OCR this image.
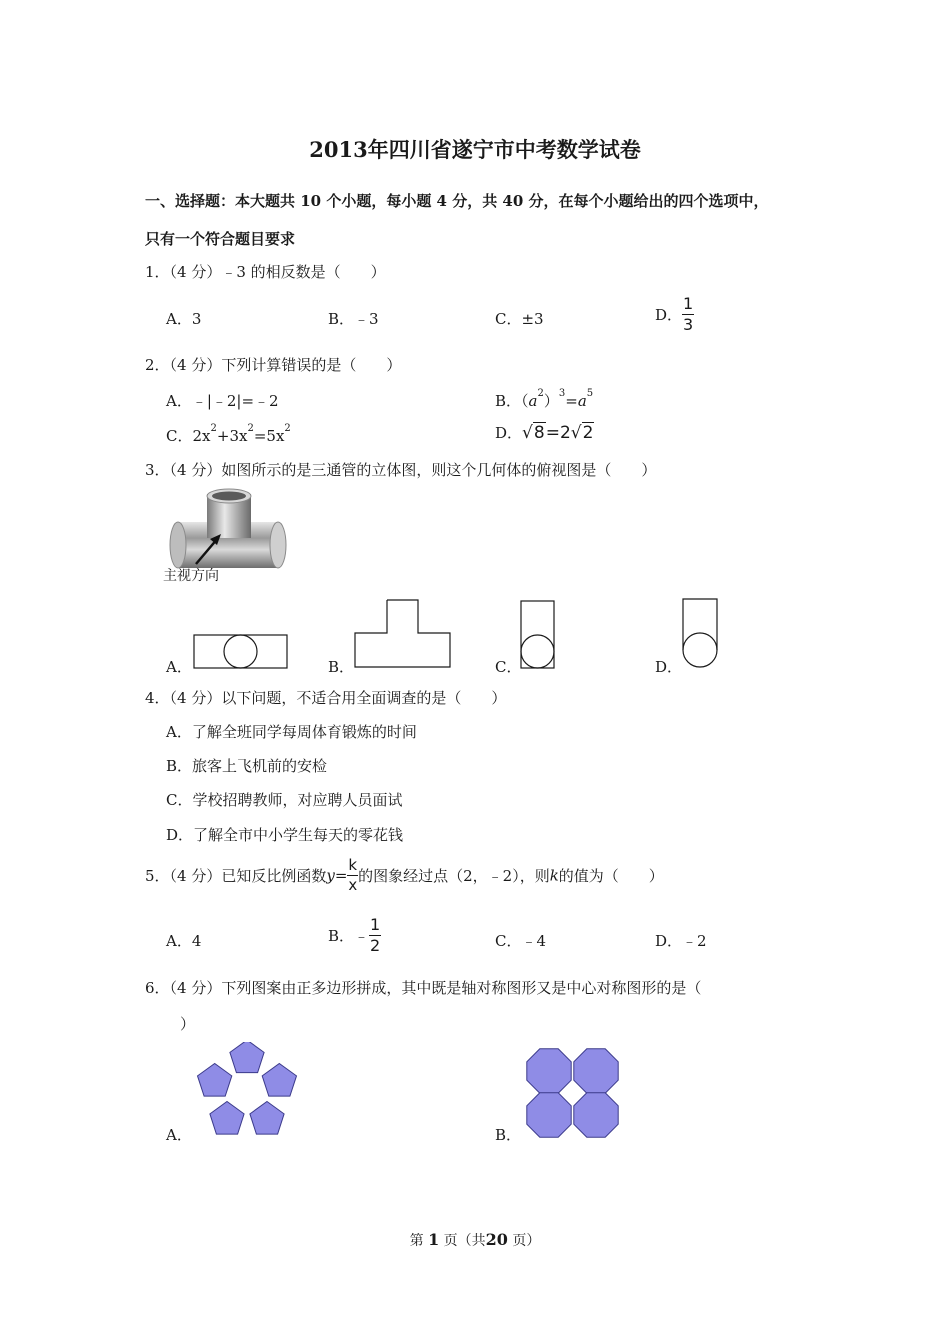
2013年四川省遂宁市中考数学试卷
一、选择题：本大题共 10 个小题，每小题 4 分，共 40 分，在每个小题给出的四个选项中，
只有一个符合题目要求
1．（4 分）﹣3 的相反数是（　　）
A．3	B．﹣3	C．±3	D． $\frac{1}{3}$
2．（4 分）下列计算错误的是（　　）
A．﹣|﹣2|=﹣2	B．$(a^2)^3=a^5$
C．$2x^2+3x^2=5x^2$	D．√8=2√2
3．（4 分）如图所示的是三通管的立体图，则这个几何体的俯视图是（　　）
主视方向
A．	B．	C．	D．
4．（4 分）以下问题，不适合用全面调查的是（　　）
A．了解全班同学每周体育锻炼的时间
B．旅客上飞机前的安检
C．学校招聘教师，对应聘人员面试
D．了解全市中小学生每天的零花钱
5．（4 分）已知反比例函数$y= \frac{k}{x}$ 的图象经过点（2，﹣2），则k的值为（　　）
A．4	B．﹣ $\frac{1}{2}$	C．﹣4	D．﹣2
6．（4 分）下列图案由正多边形拼成，其中既是轴对称图形又是中心对称图形的是（
）
A．	B．
第 1 页（共20 页）
